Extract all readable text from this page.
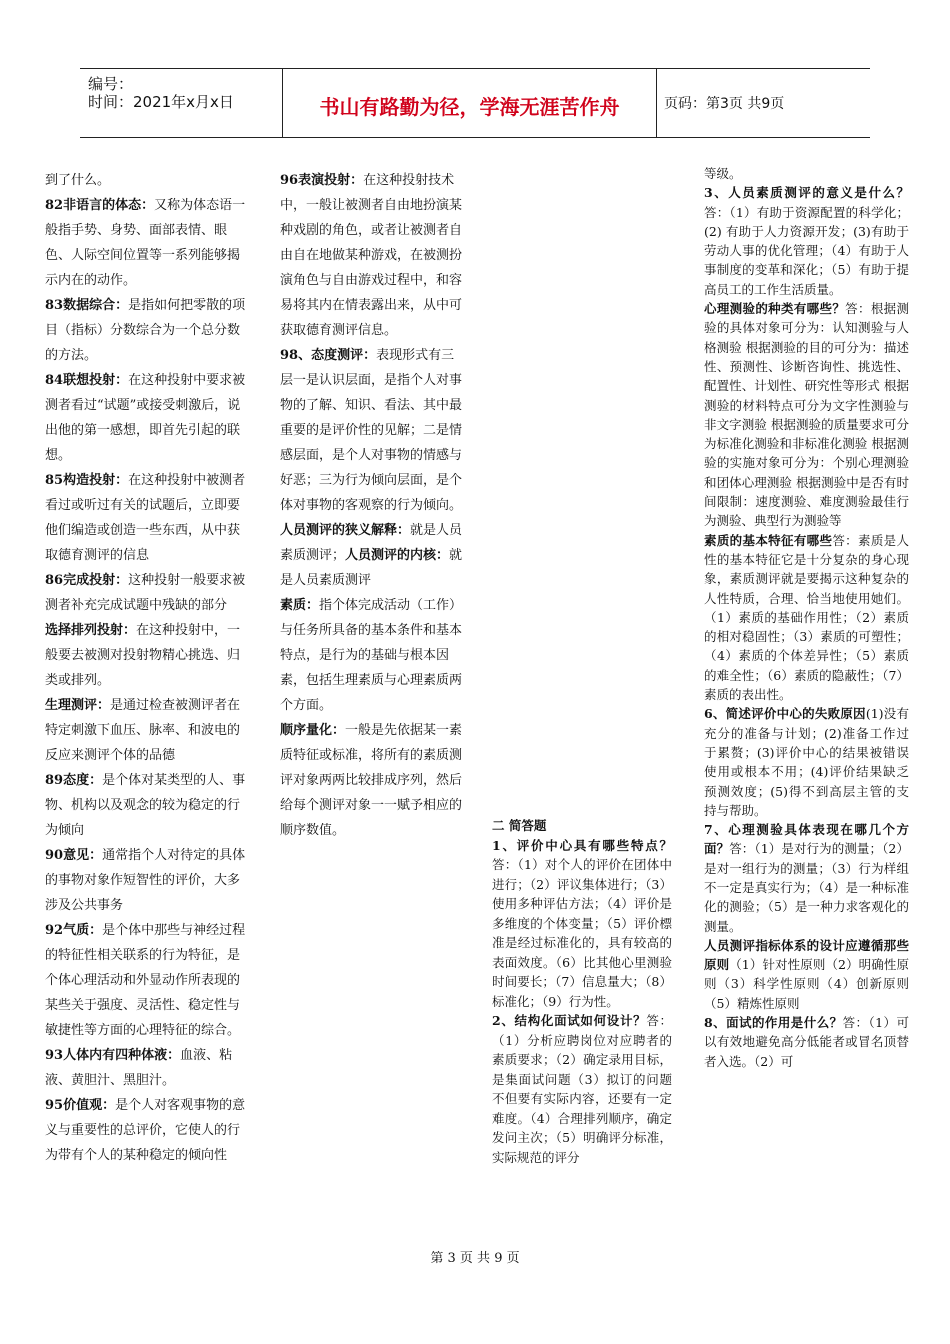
编号：
时间：2021年x月x日	书山有路勤为径，学海无涯苦作舟	页码：第3页 共9页

到了什么。

82非语言的体态：又称为体态语一般指手势、身势、面部表情、眼色、人际空间位置等一系列能够揭示内在的动作。

83数据综合：是指如何把零散的项目（指标）分数综合为一个总分数的方法。

84联想投射：在这种投射中要求被测者看过“试题”或接受刺激后，说出他的第一感想，即首先引起的联想。

85构造投射：在这种投射中被测者看过或听过有关的试题后，立即要他们编造或创造一些东西，从中获取德育测评的信息

86完成投射：这种投射一般要求被测者补充完成试题中残缺的部分

选择排列投射：在这种投射中，一般要去被测对投射物精心挑选、归类或排列。

生理测评：是通过检查被测评者在特定刺激下血压、脉率、和波电的反应来测评个体的品德

89态度：是个体对某类型的人、事物、机构以及观念的较为稳定的行为倾向

90意见：通常指个人对待定的具体的事物对象作短智性的评价，大多涉及公共事务

92气质：是个体中那些与神经过程的特征性相关联系的行为特征，是个体心理活动和外显动作所表现的某些关于强度、灵活性、稳定性与敏捷性等方面的心理特征的综合。

93人体内有四种体液：血液、粘液、黄胆汁、黑胆汁。

95价值观：是个人对客观事物的意义与重要性的总评价，它使人的行为带有个人的某种稳定的倾向性

96表演投射：在这种投射技术中，一般让被测者自由地扮演某种戏剧的角色，或者让被测者自由自在地做某种游戏，在被测扮演角色与自由游戏过程中，和容易将其内在情表露出来，从中可获取德育测评信息。

98、态度测评：表现形式有三层一是认识层面，是指个人对事物的了解、知识、看法、其中最重要的是评价性的见解；二是情感层面，是个人对事物的情感与好恶；三为行为倾向层面，是个体对事物的客观察的行为倾向。

人员测评的狭义解释：就是人员素质测评；人员测评的内核：就是人员素质测评

素质：指个体完成活动（工作）与任务所具备的基本条件和基本特点，是行为的基础与根本因素，包括生理素质与心理素质两个方面。

顺序量化：一般是先依据某一素质特征或标准，将所有的素质测评对象两两比较排成序列，然后给每个测评对象一一赋予相应的顺序数值。	二 简答题

1、评价中心具有哪些特点？答：（1）对个人的评价在团体中进行；（2）评议集体进行；（3）使用多种评估方法；（4）评价是多维度的个体变量；（5）评价標准是经过标准化的，具有较高的表面效度。（6）比其他心里测验时间要长；（7）信息量大；（8）标准化；（9）行为性。

2、结构化面试如何设计？答：（1）分析应聘岗位对应聘者的素质要求；（2）确定录用目标，是集面试问题（3）拟订的问题不但要有实际内容，还要有一定难度。（4）合理排列顺序，确定发问主次；（5）明确评分标准，实际规范的评分

等级。

3、人员素质测评的意义是什么？答：（1）有助于资源配置的科学化；(2) 有助于人力资源开发；(3)有助于劳动人事的优化管理；（4）有助于人事制度的变革和深化；（5）有助于提高员工的工作生活质量。

心理测验的种类有哪些？答：根据测验的具体对象可分为：认知测验与人格测验 根据测验的目的可分为：描述性、预测性、诊断咨询性、挑选性、配置性、计划性、研究性等形式 根据测验的材料特点可分为文字性测验与非文字测验 根据测验的质量要求可分为标准化测验和非标准化测验 根据测验的实施对象可分为：个别心理测验和团体心理测验 根据测验中是否有时间限制：速度测验、难度测验最佳行为测验、典型行为测验等

素质的基本特征有哪些答：素质是人性的基本特征它是十分复杂的身心现象，素质测评就是要揭示这种复杂的人性特质，合理、恰当地使用她们。（1）素质的基础作用性；（2）素质的相对稳固性；（3）素质的可塑性；（4）素质的个体差异性；（5）素质的难全性；（6）素质的隐蔽性；（7）素质的表出性。

6、简述评价中心的失败原因(1)没有充分的准备与计划；(2)准备工作过于累赘；(3)评价中心的结果被错误使用或根本不用；(4)评价结果缺乏预测效度；(5)得不到高层主管的支持与帮助。

7、心理测验具体表现在哪几个方面？答：（1）是对行为的测量；（2）是对一组行为的测量；（3）行为样组不一定是真实行为；（4）是一种标准化的测验；（5）是一种力求客观化的测量。

人员测评指标体系的设计应遵循那些原则（1）针对性原则（2）明确性原则（3）科学性原则（4）创新原则（5）精炼性原则

8、面试的作用是什么？答：（1）可以有效地避免高分低能者或冒名顶替者入选。（2）可

第 3 页 共 9 页
